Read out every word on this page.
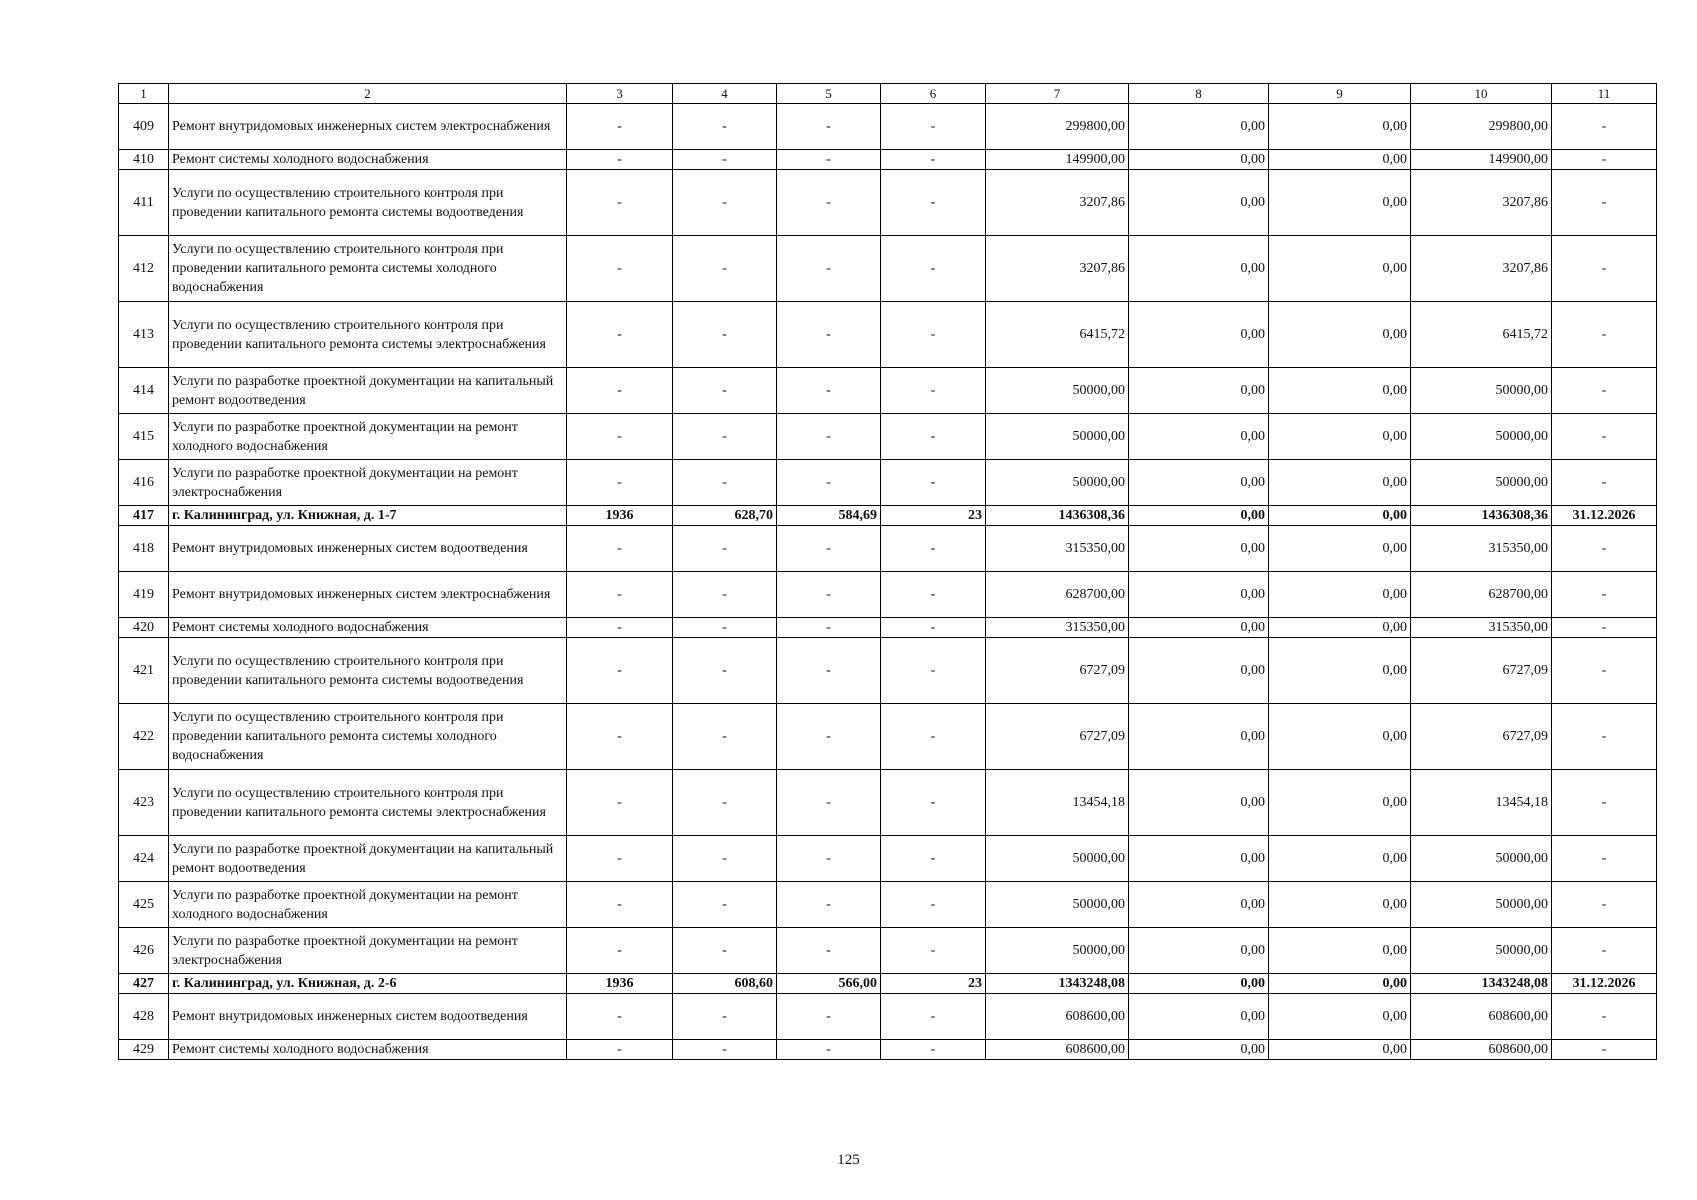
1	2	3	4	5	6	7	8	9	10	11
409	Ремонт внутридомовых инженерных систем электроснабжения	-	-	-	-	299800,00	0,00	0,00	299800,00	-
410	Ремонт системы холодного водоснабжения	-	-	-	-	149900,00	0,00	0,00	149900,00	-
411	Услуги по осуществлению строительного контроля при проведении капитального ремонта системы водоотведения	-	-	-	-	3207,86	0,00	0,00	3207,86	-
412	Услуги по осуществлению строительного контроля при проведении капитального ремонта системы холодного водоснабжения	-	-	-	-	3207,86	0,00	0,00	3207,86	-
413	Услуги по осуществлению строительного контроля при проведении капитального ремонта системы электроснабжения	-	-	-	-	6415,72	0,00	0,00	6415,72	-
414	Услуги по разработке проектной документации на капитальный ремонт водоотведения	-	-	-	-	50000,00	0,00	0,00	50000,00	-
415	Услуги по разработке проектной документации на ремонт холодного водоснабжения	-	-	-	-	50000,00	0,00	0,00	50000,00	-
416	Услуги по разработке проектной документации на ремонт электроснабжения	-	-	-	-	50000,00	0,00	0,00	50000,00	-
417	г. Калининград, ул. Книжная, д. 1-7	1936	628,70	584,69	23	1436308,36	0,00	0,00	1436308,36	31.12.2026
418	Ремонт внутридомовых инженерных систем водоотведения	-	-	-	-	315350,00	0,00	0,00	315350,00	-
419	Ремонт внутридомовых инженерных систем электроснабжения	-	-	-	-	628700,00	0,00	0,00	628700,00	-
420	Ремонт системы холодного водоснабжения	-	-	-	-	315350,00	0,00	0,00	315350,00	-
421	Услуги по осуществлению строительного контроля при проведении капитального ремонта системы водоотведения	-	-	-	-	6727,09	0,00	0,00	6727,09	-
422	Услуги по осуществлению строительного контроля при проведении капитального ремонта системы холодного водоснабжения	-	-	-	-	6727,09	0,00	0,00	6727,09	-
423	Услуги по осуществлению строительного контроля при проведении капитального ремонта системы электроснабжения	-	-	-	-	13454,18	0,00	0,00	13454,18	-
424	Услуги по разработке проектной документации на капитальный ремонт водоотведения	-	-	-	-	50000,00	0,00	0,00	50000,00	-
425	Услуги по разработке проектной документации на ремонт холодного водоснабжения	-	-	-	-	50000,00	0,00	0,00	50000,00	-
426	Услуги по разработке проектной документации на ремонт электроснабжения	-	-	-	-	50000,00	0,00	0,00	50000,00	-
427	г. Калининград, ул. Книжная, д. 2-6	1936	608,60	566,00	23	1343248,08	0,00	0,00	1343248,08	31.12.2026
428	Ремонт внутридомовых инженерных систем водоотведения	-	-	-	-	608600,00	0,00	0,00	608600,00	-
429	Ремонт системы холодного водоснабжения	-	-	-	-	608600,00	0,00	0,00	608600,00	-
125
